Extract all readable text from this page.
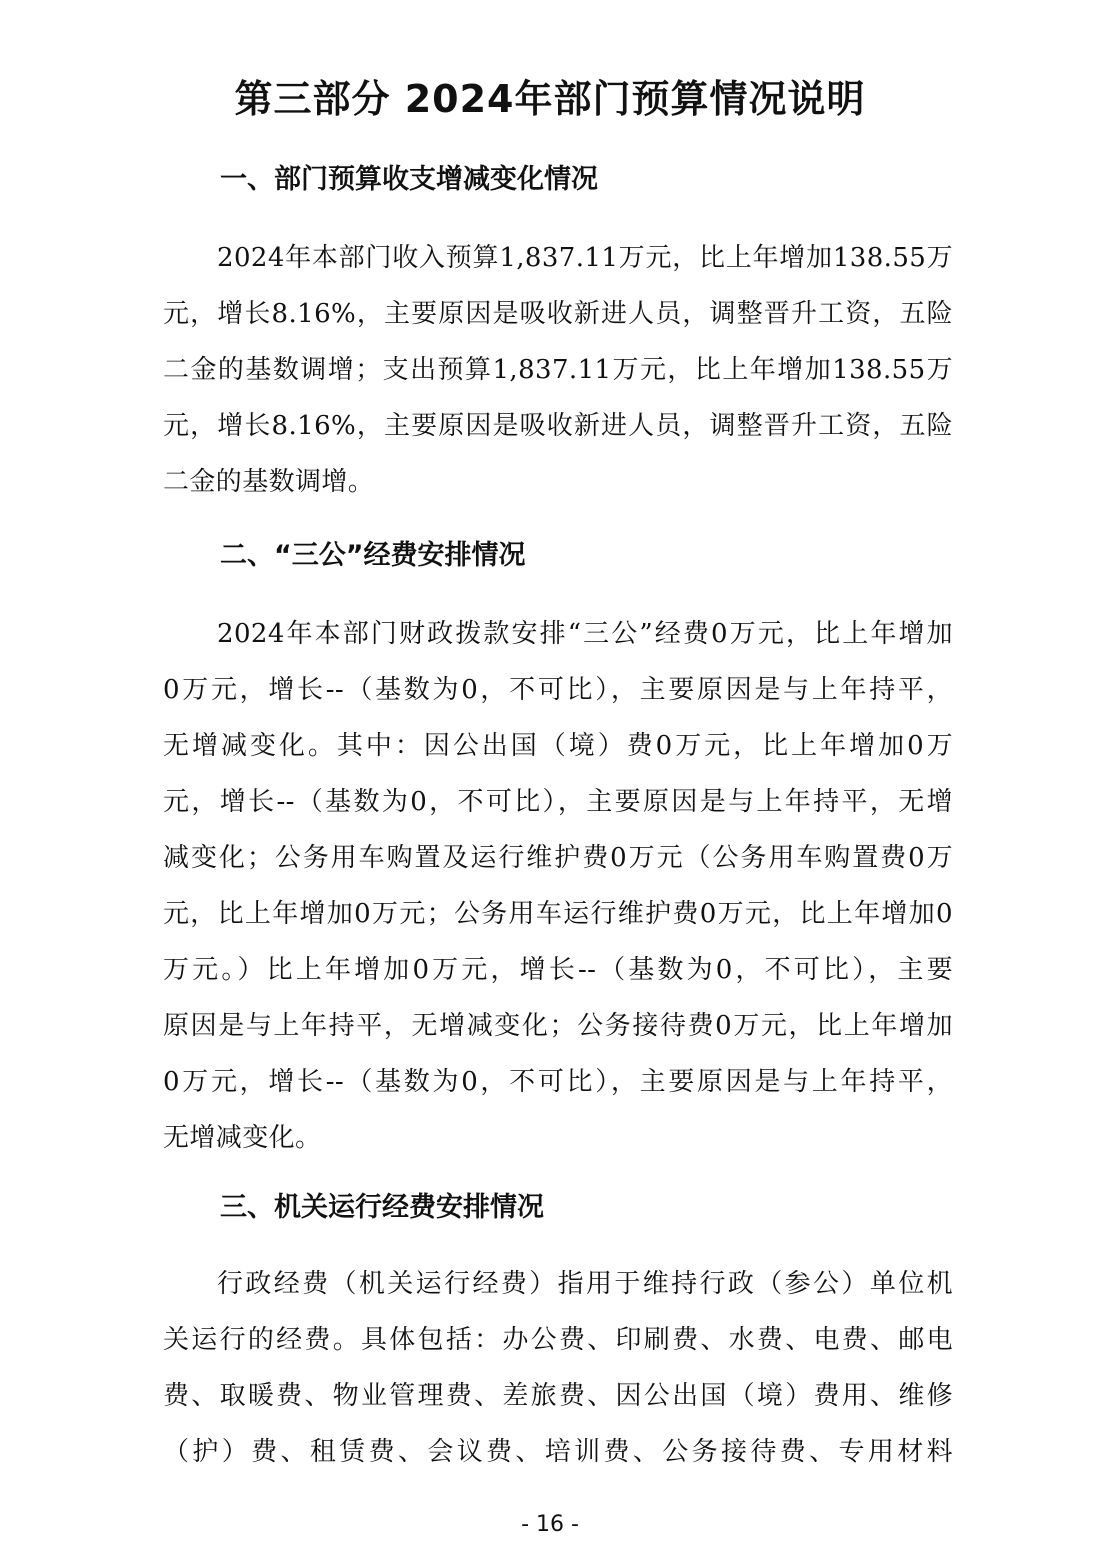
第三部分 2024年部门预算情况说明
一、部门预算收支增减变化情况
2024年本部门收入预算1,837.11万元，比上年增加138.55万
元，增长8.16%，主要原因是吸收新进人员，调整晋升工资，五险
二金的基数调增；支出预算1,837.11万元，比上年增加138.55万
元，增长8.16%，主要原因是吸收新进人员，调整晋升工资，五险
二金的基数调增。
二、“三公”经费安排情况
2024年本部门财政拨款安排“三公”经费0万元，比上年增加
0万元，增长--（基数为0，不可比），主要原因是与上年持平，
无增减变化。其中：因公出国（境）费0万元，比上年增加0万
元，增长--（基数为0，不可比），主要原因是与上年持平，无增
减变化；公务用车购置及运行维护费0万元（公务用车购置费0万
元，比上年增加0万元；公务用车运行维护费0万元，比上年增加0
万元。）比上年增加0万元，增长--（基数为0，不可比），主要
原因是与上年持平，无增减变化；公务接待费0万元，比上年增加
0万元，增长--（基数为0，不可比），主要原因是与上年持平，
无增减变化。
三、机关运行经费安排情况
行政经费（机关运行经费）指用于维持行政（参公）单位机
关运行的经费。具体包括：办公费、印刷费、水费、电费、邮电
费、取暖费、物业管理费、差旅费、因公出国（境）费用、维修
（护）费、租赁费、会议费、培训费、公务接待费、专用材料
- 16 -
